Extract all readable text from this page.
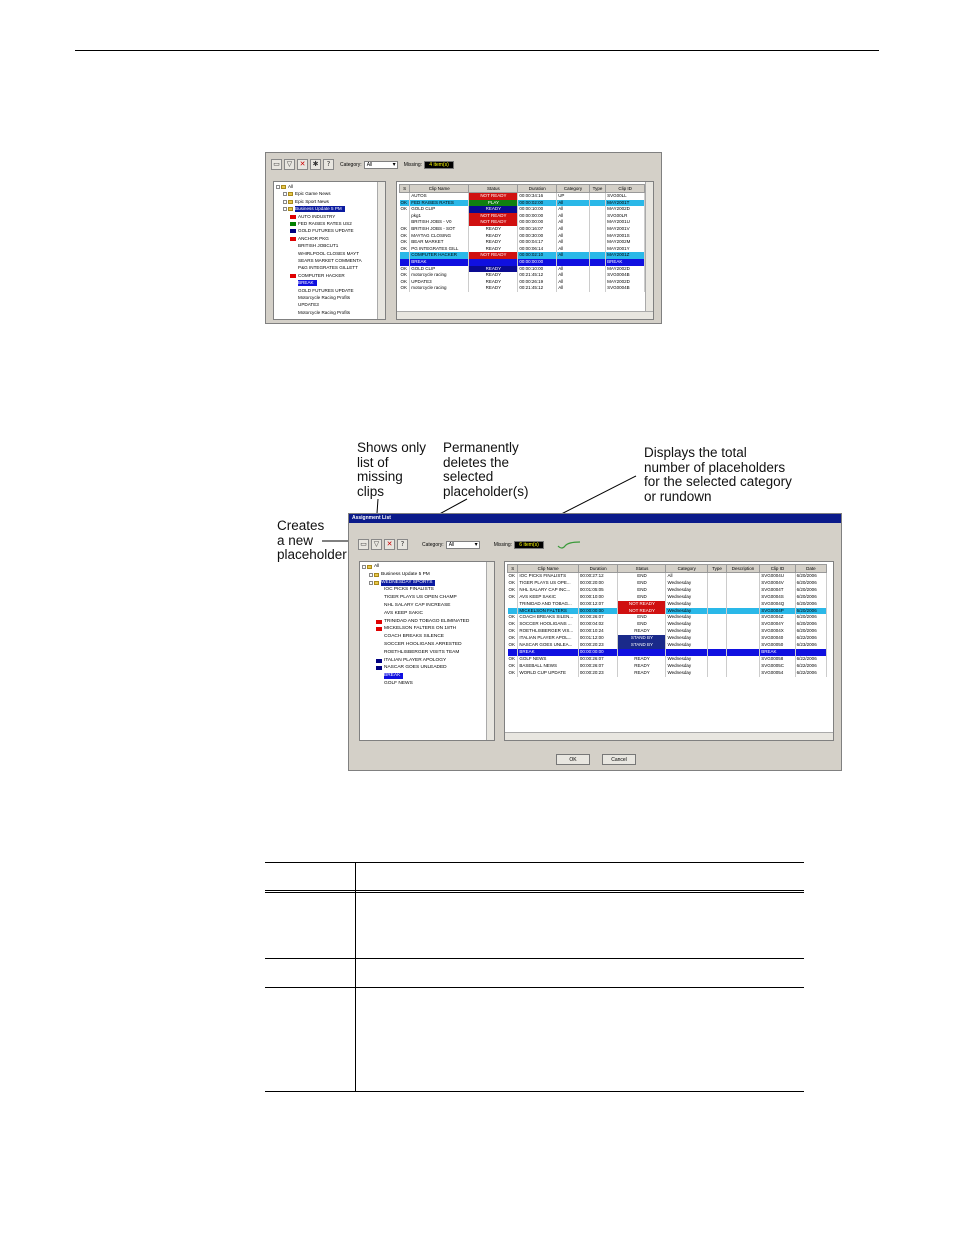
▭ ▽	✕	✱	?	Category:	All ▾	Missing:	4 item(s)
All
Epic Game News
Epic Sport News
Business Update 5 PM
AUTO INDUSTRY
FED RAISES RATES US2
GOLD FUTURES UPDATE
ANCHOR PKG
BRITISH JOBCUT1
WHIRLPOOL CLOSES MAYT
SEARS MARKET COMMENTA
P&G INTEGRATES GILLETT
COMPUTER HACKER
BREAK
GOLD FUTURES UPDATE
Motorcycle Racing Profits
UPDATE3
Motorcycle Racing Profits
S	Clip Name	Status	Duration	Category	Type	Clip ID
	AUTOS	NOT READY	00:00:34:16	UP		SVG00LL
OK	FED RAISES RATES	PLAY	00:00:02:00	All		MAY2001T
OK	GOLD CLIP	READY	00:00:10:00	All		MAY2002D
	pkg1	NOT READY	00:00:00:00	All		SVG00LR
	BRITISH JOBS - V0	NOT READY	00:00:00:00	All		MAY2001U
OK	BRITISH JOBS - SOT	READY	00:00:16:07	All		MAY2001V
OK	MAYTAG CLOSING	READY	00:00:30:00	All		MAY2001S
OK	BEAR MARKET	READY	00:00:04:17	All		MAY2002M
OK	PG INTEGRATES GILL	READY	00:00:06:14	All		MAY2001Y
	COMPUTER HACKER	NOT READY	00:00:02:10	All		MAY2001Z
	BREAK		00:00:00:00			BREAK
OK	GOLD CLIP	READY	00:00:10:00	All		MAY2002D
OK	motorcycle racing	READY	00:21:45:12	All		SVG0004B
OK	UPDATE3	READY	00:00:26:19	All		MAY2002D
OK	motorcycle racing	READY	00:21:45:12	All		SVG0004B
Shows only
list of
missing
clips
Permanently
deletes the
selected
placeholder(s)
Displays the total
number of placeholders
for the selected category
or rundown
Creates
a new
placeholder
Assignment List
▭ ▽	✕	?	Category:	All ▾	Missing:	6 item(s)
All
Business Update 5 PM
WEDNESDAY SPORTS
IOC PICKS FINALISTS
TIGER PLAYS US OPEN CHAMP
NHL SALARY CAP INCREASE
AVS KEEP SAKIC
TRINIDAD AND TOBAGO ELIMINATED
MICKELSON FALTERS ON 18TH
COACH BREAKS SILENCE
SOCCER HOOLIGANS ARRESTED
ROETHLISBERGER VISITS TEAM
ITALIAN PLAYER APOLOGY
NASCAR GOES UNLEADED
BREAK
GOLF NEWS
S	Clip Name	Duration	Status	Category	Type	Description	Clip ID	Date
OK	IOC PICKS FINALISTS	00:00:27:12	END	All			SVG0004U	6/20/2006
OK	TIGER PLAYS US OPE...	00:00:20:00	END	Wednesday			SVG0004V	6/20/2006
OK	NHL SALARY CAP INC...	00:01:05:05	END	Wednesday			SVG0004T	6/20/2006
OK	AVS KEEP SAKIC	00:00:10:00	END	Wednesday			SVG0004S	6/20/2006
	TRINIDAD AND TOBAG...	00:00:12:07	NOT READY	Wednesday			SVG0004Q	6/20/2006
	MICKELSON FALTERS	00:00:00:00	NOT READY	Wednesday			SVG0004P	6/20/2006
OK	COACH BREAKS SILEN...	00:00:26:07	END	Wednesday			SVG0004Z	6/20/2006
OK	SOCCER HOOLIGANS ...	00:00:04:02	END	Wednesday			SVG0004Y	6/20/2006
OK	ROETHLISBERGER VIS...	00:00:10:24	READY	Wednesday			SVG0004X	6/20/2006
OK	ITALIAN PLAYER APOL...	00:01:12:00	STAND BY	Wednesday			SVG00040	6/22/2006
OK	NASCAR GOES UNLEA...	00:00:20:23	STAND BY	Wednesday			SVG00050	6/23/2006
	BREAK	00:00:00:00					BREAK	
OK	GOLF NEWS	00:00:26:07	READY	Wednesday			SVG00058	6/22/2006
OK	BASEBALL NEWS	00:00:26:07	READY	Wednesday			SVG0005C	6/22/2006
OK	WORLD CUP UPDATE	00:00:20:23	READY	Wednesday			SVG00054	6/22/2006
OK	Cancel
